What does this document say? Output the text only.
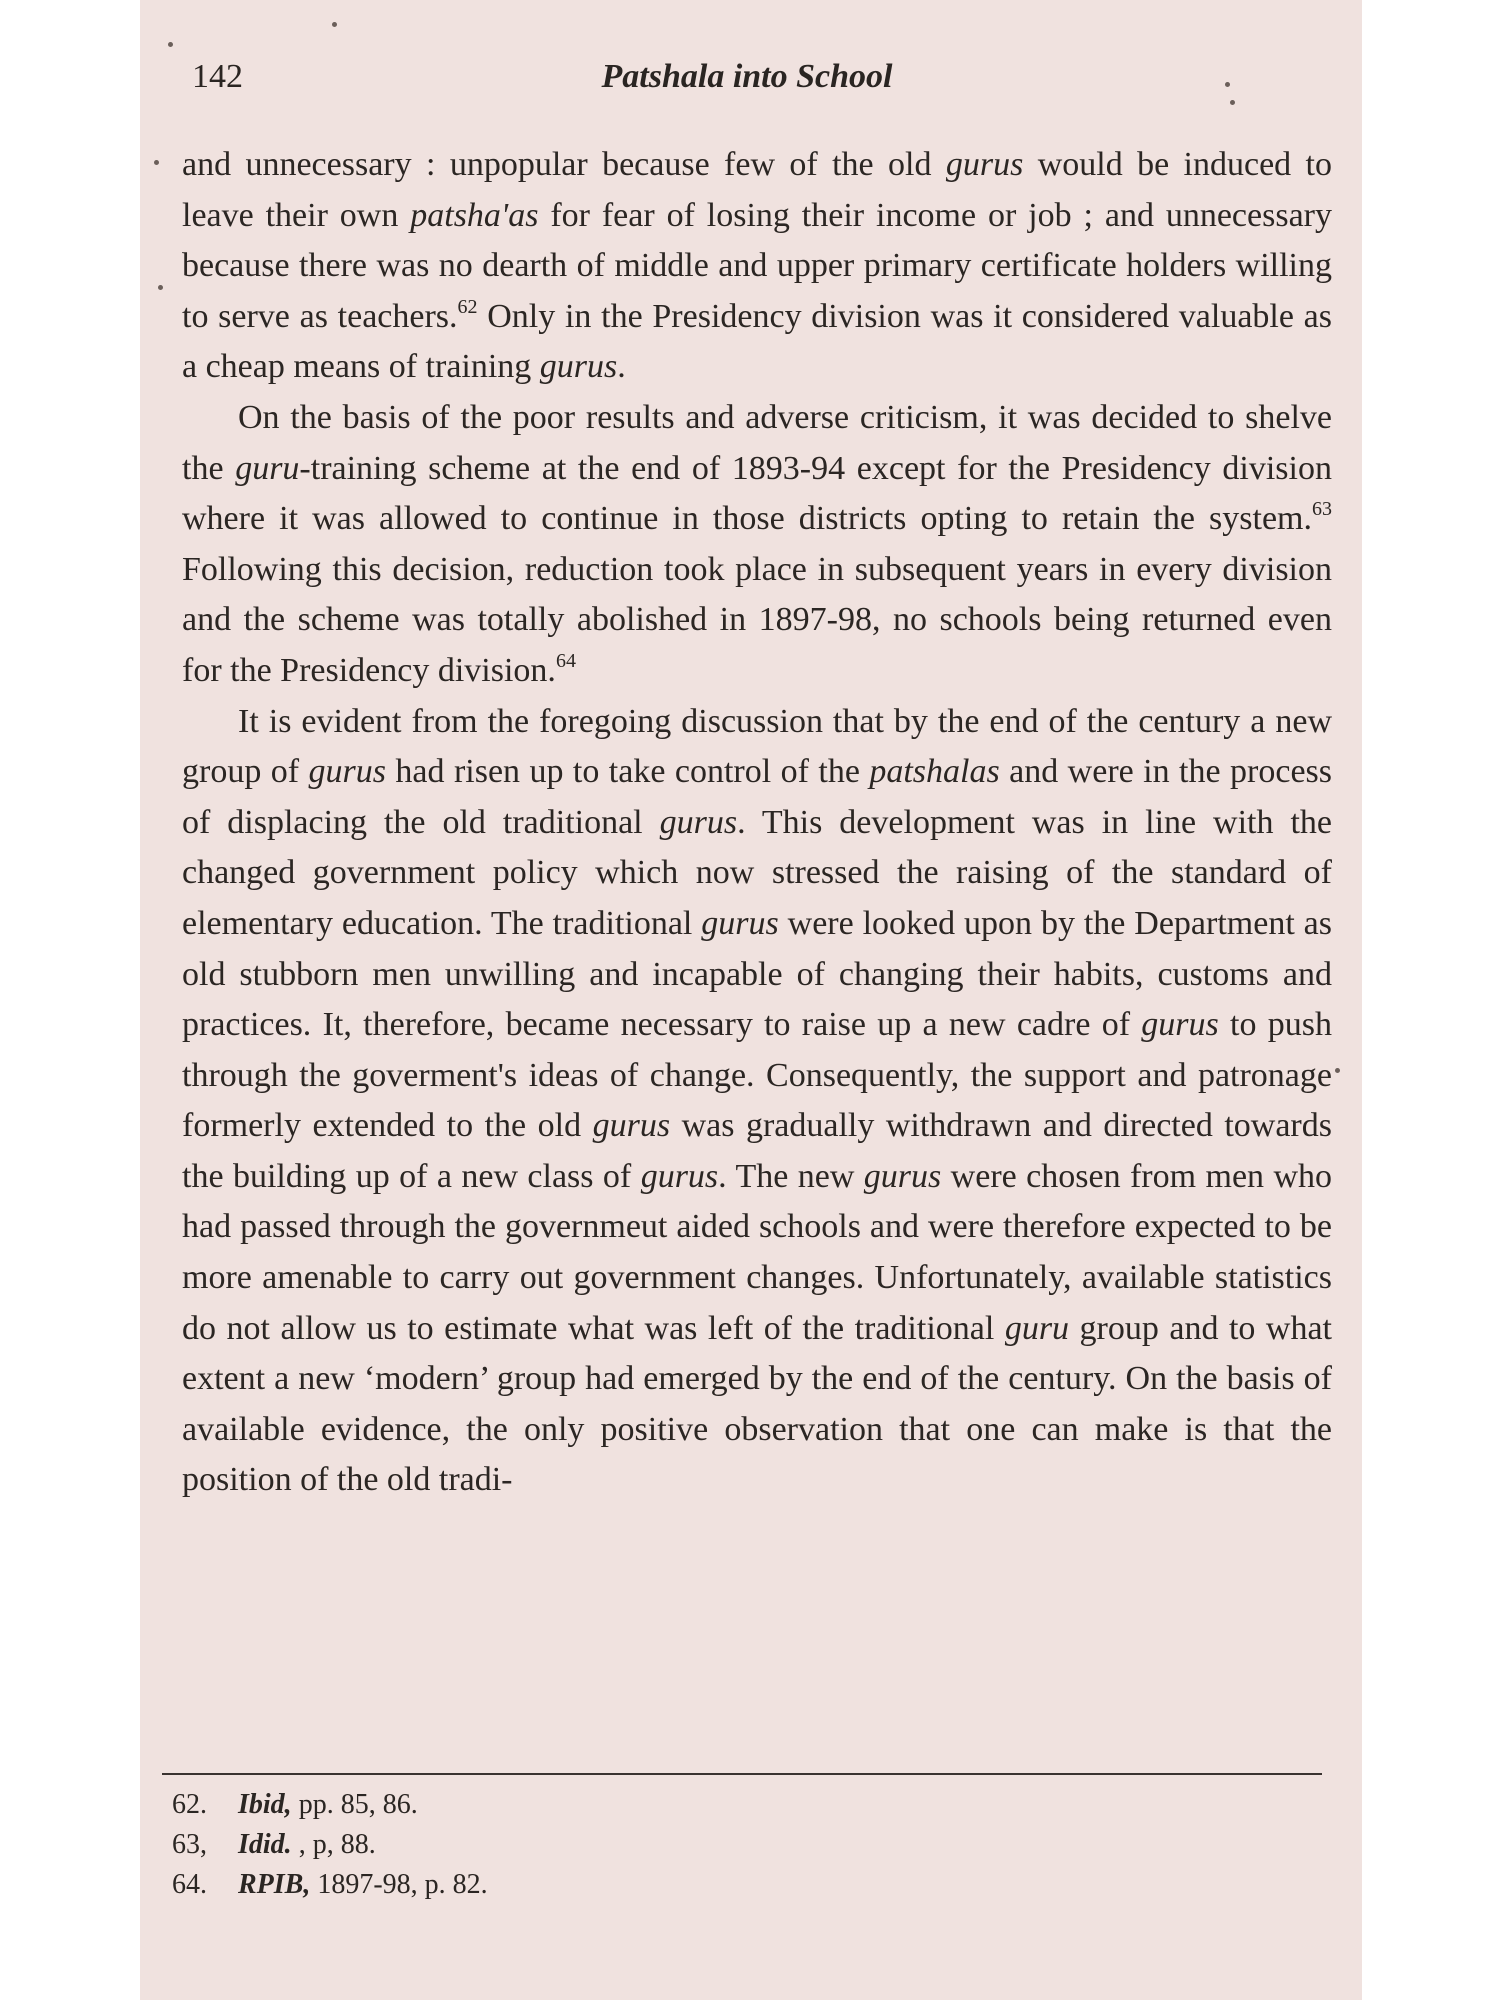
142	Patshala into School

and unnecessary : unpopular because few of the old gurus would be induced to leave their own patsha'as for fear of losing their income or job ; and unnecessary because there was no dearth of middle and upper primary certificate holders willing to serve as teachers.$^{62}$ Only in the Presidency division was it considered valuable as a cheap means of training gurus.

On the basis of the poor results and adverse criticism, it was decided to shelve the guru-training scheme at the end of 1893-94 except for the Presidency division where it was allowed to continue in those districts opting to retain the system.$^{63}$ Following this decision, reduction took place in subsequent years in every division and the scheme was totally abolished in 1897-98, no schools being returned even for the Presidency division.$^{64}$

It is evident from the foregoing discussion that by the end of the century a new group of gurus had risen up to take control of the patshalas and were in the process of displacing the old traditional gurus. This development was in line with the changed government policy which now stressed the raising of the standard of elementary education. The traditional gurus were looked upon by the Department as old stubborn men unwilling and incapable of changing their habits, customs and practices. It, therefore, became necessary to raise up a new cadre of gurus to push through the goverment's ideas of change. Consequently, the support and patronage formerly extended to the old gurus was gradually withdrawn and directed towards the building up of a new class of gurus. The new gurus were chosen from men who had passed through the governmeut aided schools and were therefore expected to be more amenable to carry out government changes. Unfortunately, available statistics do not allow us to estimate what was left of the traditional guru group and to what extent a new ‘modern’ group had emerged by the end of the century. On the basis of available evidence, the only positive observation that one can make is that the position of the old tradi-

62. Ibid, pp. 85, 86.
63, Idid. , p, 88.
64. RPIB, 1897-98, p. 82.
